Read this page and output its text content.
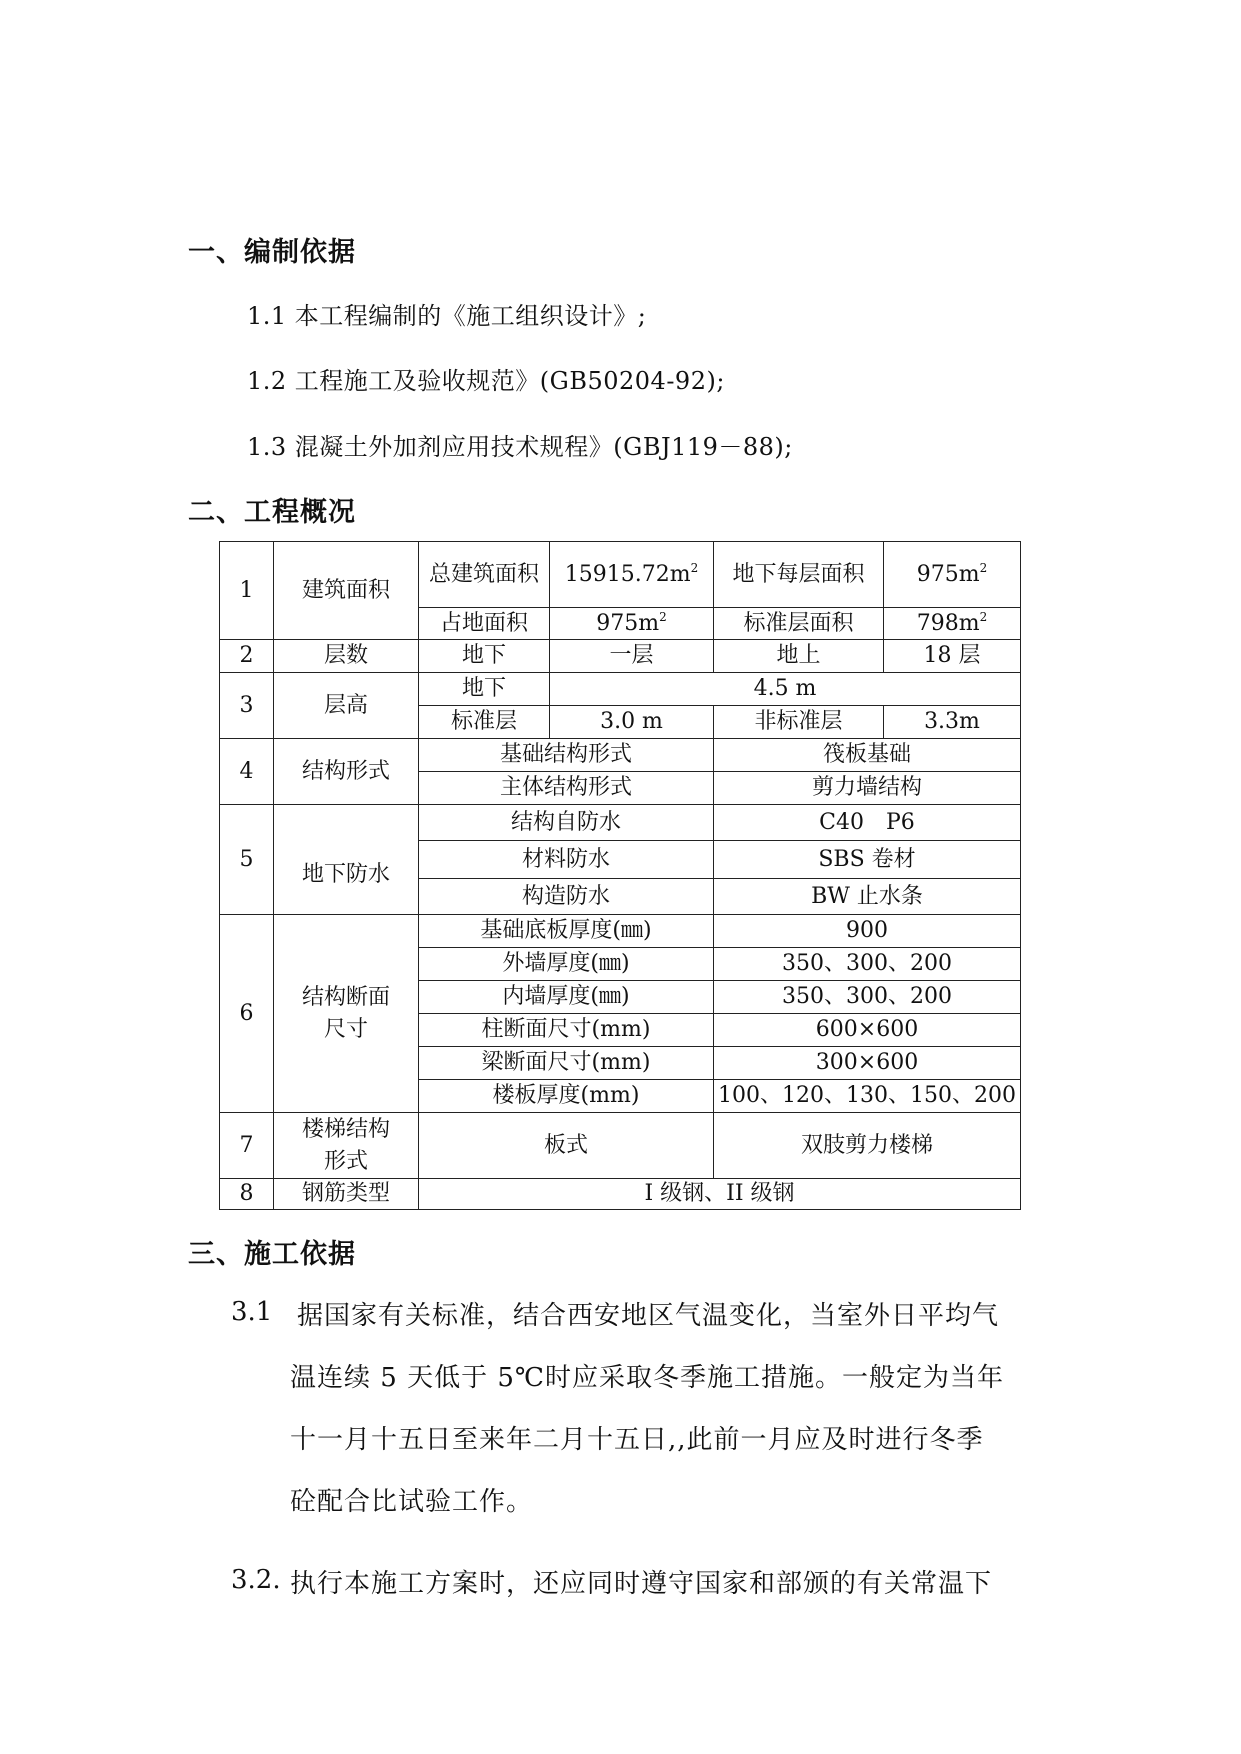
一、编制依据
1.1 本工程编制的《施工组织设计》;
1.2 工程施工及验收规范》(GB50204-92);
1.3 混凝土外加剂应用技术规程》(GBJ119－88);
二、工程概况
1	建筑面积	总建筑面积	$15915.72m^2$	地下每层面积	$975m^2$
		占地面积	$975m^2$	标准层面积	$798m^2$
2	层数	地下	一层	地上	18 层
3	层高	地下	4.5 m		
		标准层	3.0 m	非标准层	3.3m
4	结构形式	基础结构形式		筏板基础	
		主体结构形式		剪力墙结构	
5	地下防水	结构自防水		C40　P6	
		材料防水		SBS 卷材	
		构造防水		BW 止水条	
6	结构断面尺寸	基础底板厚度(㎜)		900	
		外墙厚度(㎜)		350、300、200	
		内墙厚度(㎜)		350、300、200	
		柱断面尺寸(mm)		600×600	
		梁断面尺寸(mm)		300×600	
		楼板厚度(mm)		100、120、130、150、200	
7	楼梯结构形式	板式		双肢剪力楼梯	
8	钢筋类型	I 级钢、II 级钢			
三、施工依据
3.1 据国家有关标准，结合西安地区气温变化，当室外日平均气
温连续 5 天低于 5℃时应采取冬季施工措施。一般定为当年
十一月十五日至来年二月十五日,,此前一月应及时进行冬季
砼配合比试验工作。
3.2. 执行本施工方案时，还应同时遵守国家和部颁的有关常温下
